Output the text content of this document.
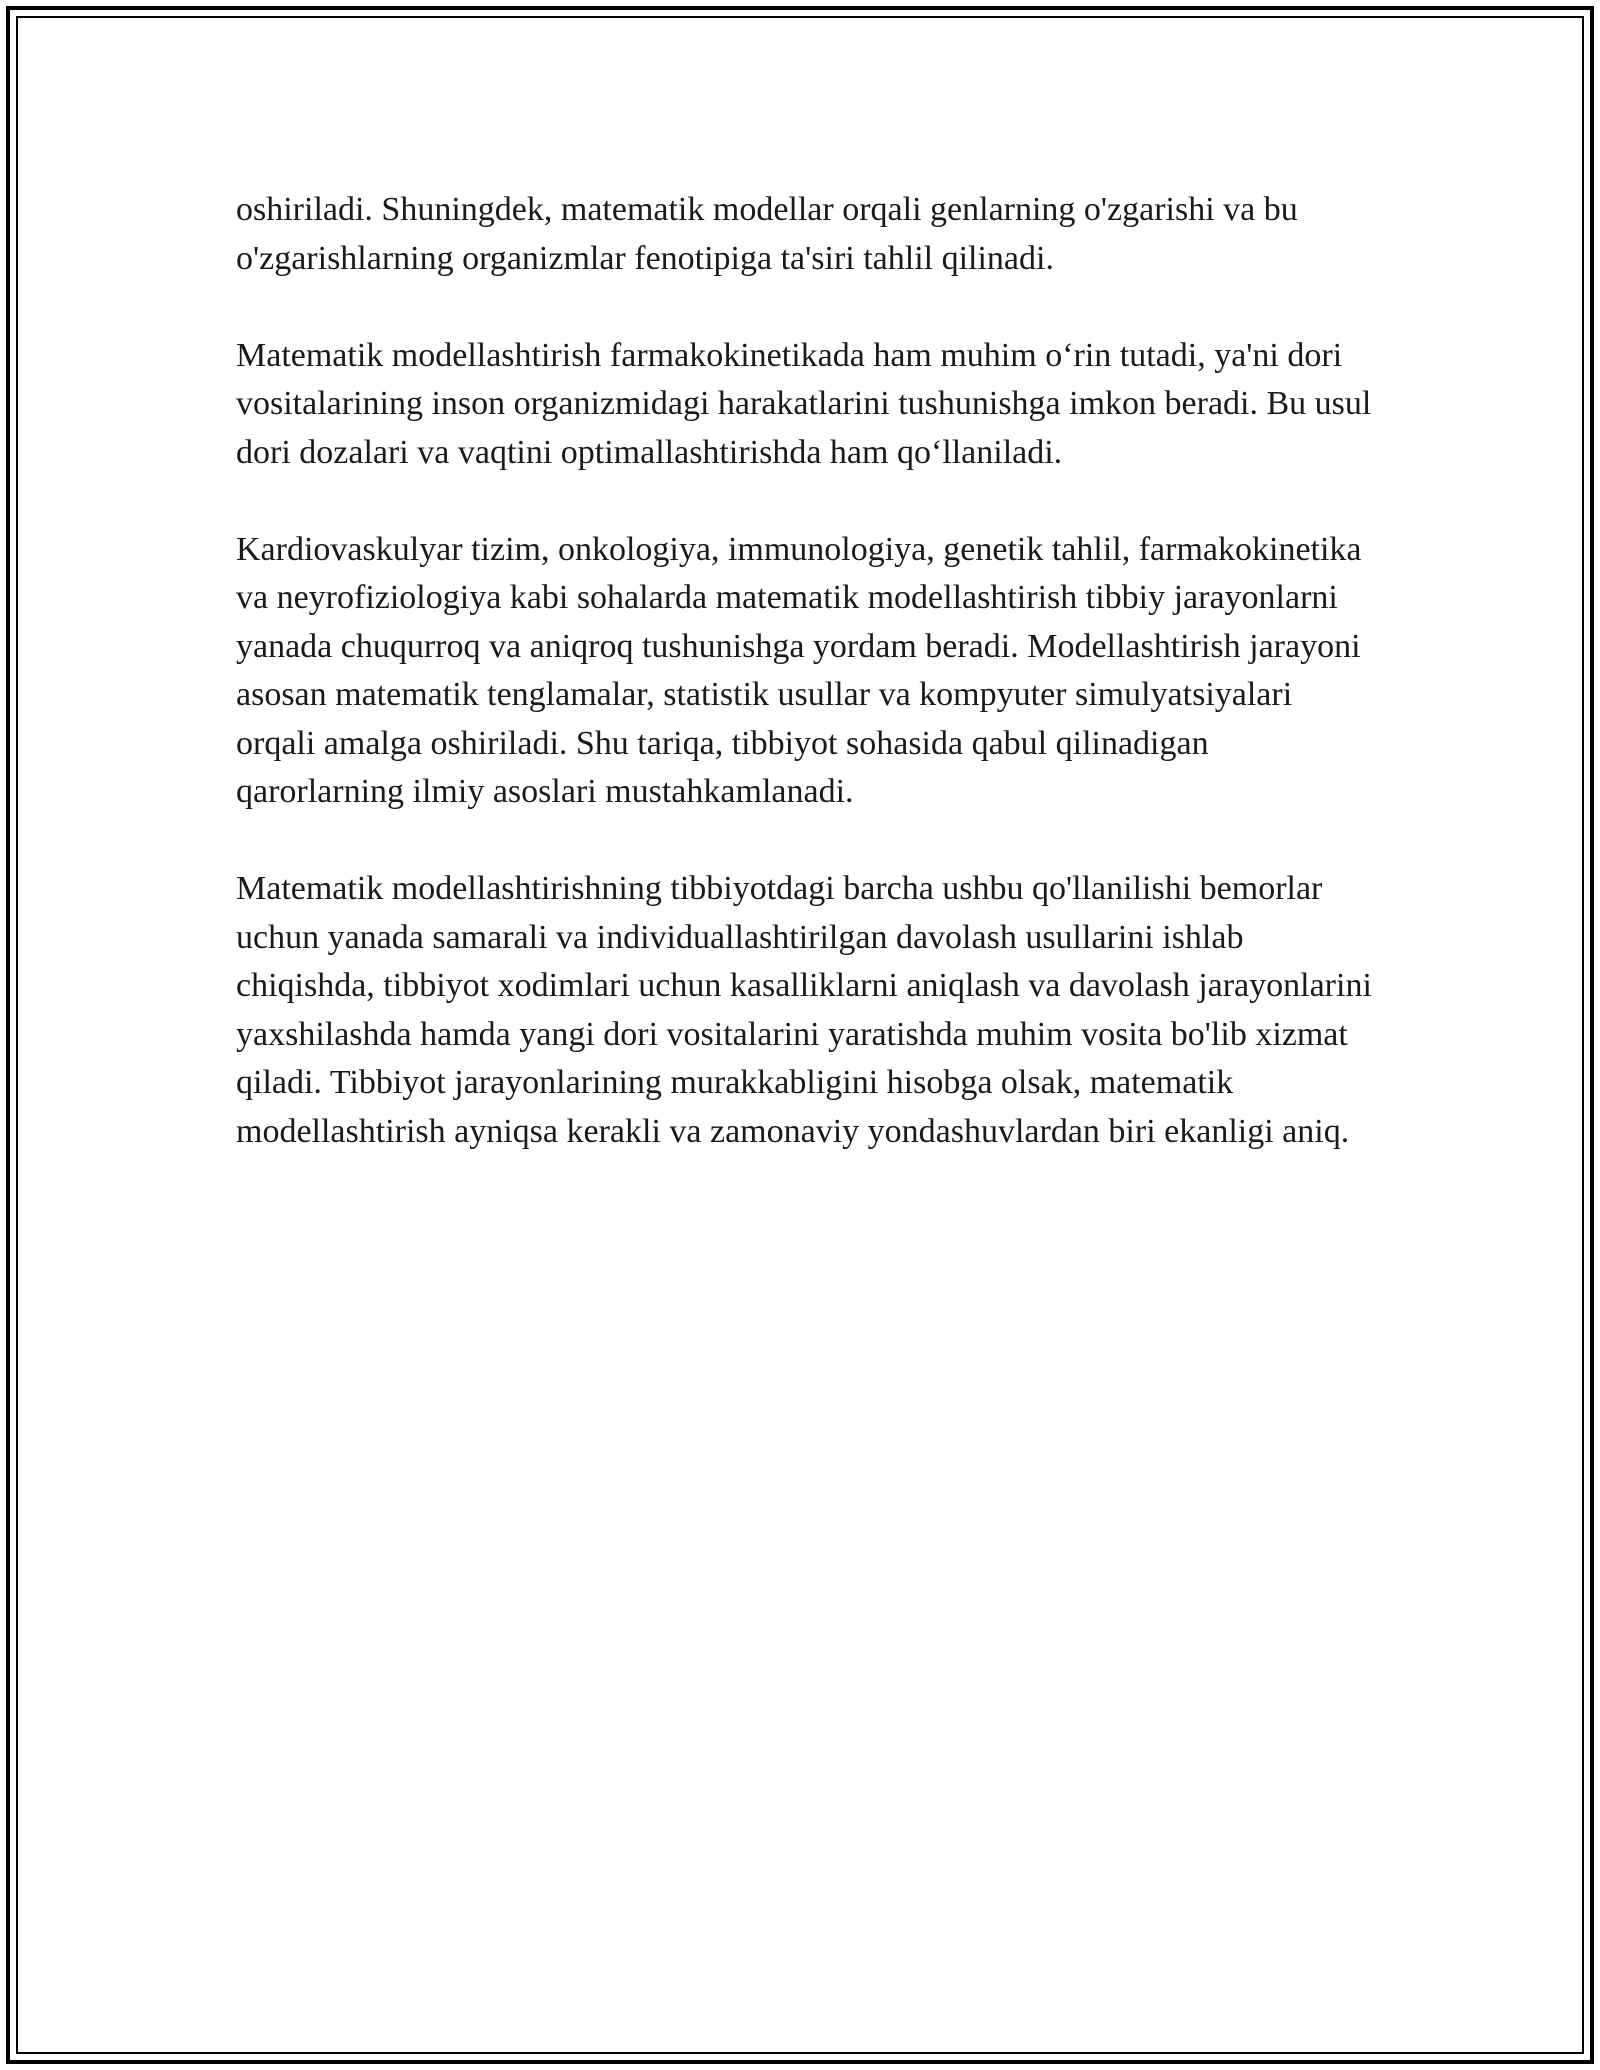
oshiriladi. Shuningdek, matematik modellar orqali genlarning o'zgarishi va bu o'zgarishlarning organizmlar fenotipiga ta'siri tahlil qilinadi.

Matematik modellashtirish farmakokinetikada ham muhim o‘rin tutadi, ya'ni dori vositalarining inson organizmidagi harakatlarini tushunishga imkon beradi. Bu usul dori dozalari va vaqtini optimallashtirishda ham qo‘llaniladi.

Kardiovaskulyar tizim, onkologiya, immunologiya, genetik tahlil, farmakokinetika va neyrofiziologiya kabi sohalarda matematik modellashtirish tibbiy jarayonlarni yanada chuqurroq va aniqroq tushunishga yordam beradi. Modellashtirish jarayoni asosan matematik tenglamalar, statistik usullar va kompyuter simulyatsiyalari orqali amalga oshiriladi. Shu tariqa, tibbiyot sohasida qabul qilinadigan qarorlarning ilmiy asoslari mustahkamlanadi.

Matematik modellashtirishning tibbiyotdagi barcha ushbu qo'llanilishi bemorlar uchun yanada samarali va individuallashtirilgan davolash usullarini ishlab chiqishda, tibbiyot xodimlari uchun kasalliklarni aniqlash va davolash jarayonlarini yaxshilashda hamda yangi dori vositalarini yaratishda muhim vosita bo'lib xizmat qiladi. Tibbiyot jarayonlarining murakkabligini hisobga olsak, matematik modellashtirish ayniqsa kerakli va zamonaviy yondashuvlardan biri ekanligi aniq.
